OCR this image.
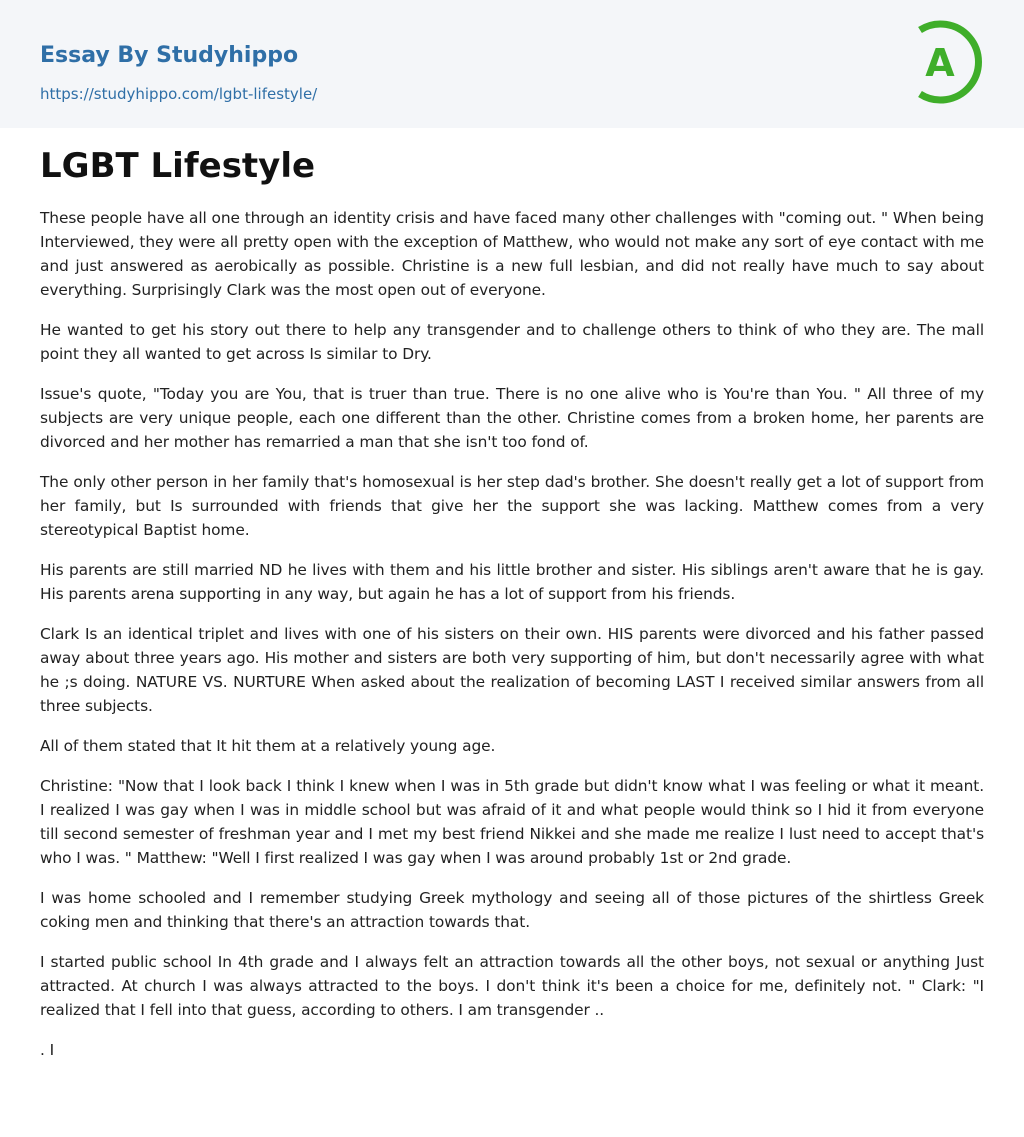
Essay By Studyhippo
https://studyhippo.com/lgbt-lifestyle/
A
LGBT Lifestyle

These people have all one through an identity crisis and have faced many other challenges with "coming out. " When being Interviewed, they were all pretty open with the exception of Matthew, who would not make any sort of eye contact with me and just answered as aerobically as possible. Christine is a new full lesbian, and did not really have much to say about everything. Surprisingly Clark was the most open out of everyone.

He wanted to get his story out there to help any transgender and to challenge others to think of who they are. The mall point they all wanted to get across Is similar to Dry.

Issue's quote, "Today you are You, that is truer than true. There is no one alive who is You're than You. " All three of my subjects are very unique people, each one different than the other. Christine comes from a broken home, her parents are divorced and her mother has remarried a man that she isn't too fond of.

The only other person in her family that's homosexual is her step dad's brother. She doesn't really get a lot of support from her family, but Is surrounded with friends that give her the support she was lacking. Matthew comes from a very stereotypical Baptist home.

His parents are still married ND he lives with them and his little brother and sister. His siblings aren't aware that he is gay. His parents arena supporting in any way, but again he has a lot of support from his friends.

Clark Is an identical triplet and lives with one of his sisters on their own. HIS parents were divorced and his father passed away about three years ago. His mother and sisters are both very supporting of him, but don't necessarily agree with what he ;s doing. NATURE VS. NURTURE When asked about the realization of becoming LAST I received similar answers from all three subjects.

All of them stated that It hit them at a relatively young age.

Christine: "Now that I look back I think I knew when I was in 5th grade but didn't know what I was feeling or what it meant. I realized I was gay when I was in middle school but was afraid of it and what people would think so I hid it from everyone till second semester of freshman year and I met my best friend Nikkei and she made me realize I lust need to accept that's who I was. " Matthew: "Well I first realized I was gay when I was around probably 1st or 2nd grade.

I was home schooled and I remember studying Greek mythology and seeing all of those pictures of the shirtless Greek coking men and thinking that there's an attraction towards that.

I started public school In 4th grade and I always felt an attraction towards all the other boys, not sexual or anything Just attracted. At church I was always attracted to the boys. I don't think it's been a choice for me, definitely not. " Clark: "I realized that I fell into that guess, according to others. I am transgender ..

. I
